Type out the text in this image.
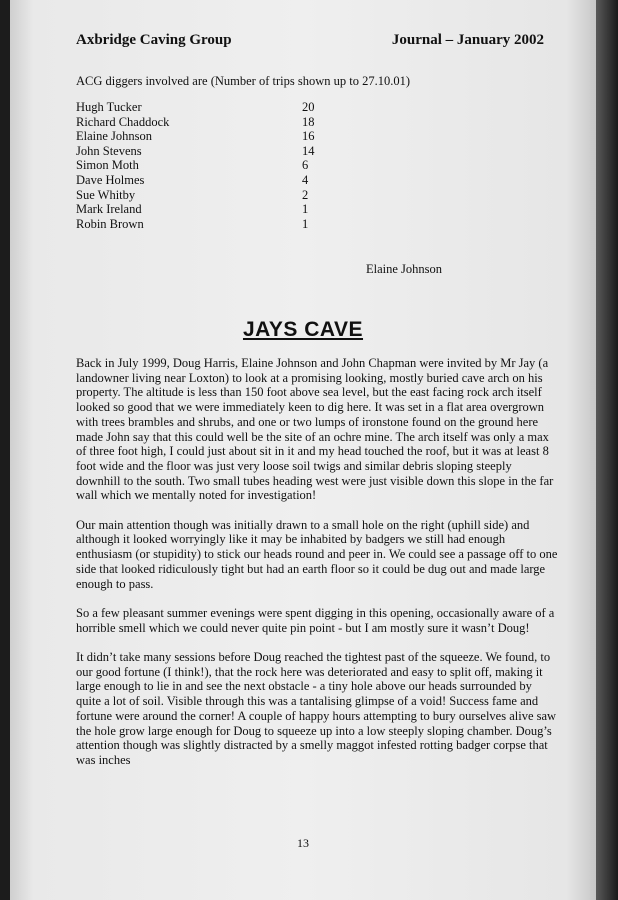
Axbridge Caving Group	Journal – January 2002
ACG diggers involved are (Number of trips shown up to 27.10.01)
Hugh Tucker	20
Richard Chaddock	18
Elaine Johnson	16
John Stevens	14
Simon Moth	6
Dave Holmes	4
Sue Whitby	2
Mark Ireland	1
Robin Brown	1
Elaine Johnson
JAYS CAVE

Back in July 1999, Doug Harris, Elaine Johnson and John Chapman were invited by Mr Jay (a landowner living near Loxton) to look at a promising looking, mostly buried cave arch on his property. The altitude is less than 150 foot above sea level, but the east facing rock arch itself looked so good that we were immediately keen to dig here. It was set in a flat area overgrown with trees brambles and shrubs, and one or two lumps of ironstone found on the ground here made John say that this could well be the site of an ochre mine. The arch itself was only a max of three foot high, I could just about sit in it and my head touched the roof, but it was at least 8 foot wide and the floor was just very loose soil twigs and similar debris sloping steeply downhill to the south. Two small tubes heading west were just visible down this slope in the far wall which we mentally noted for investigation!

Our main attention though was initially drawn to a small hole on the right (uphill side) and although it looked worryingly like it may be inhabited by badgers we still had enough enthusiasm (or stupidity) to stick our heads round and peer in. We could see a passage off to one side that looked ridiculously tight but had an earth floor so it could be dug out and made large enough to pass.

So a few pleasant summer evenings were spent digging in this opening, occasionally aware of a horrible smell which we could never quite pin point - but I am mostly sure it wasn’t Doug!

It didn’t take many sessions before Doug reached the tightest past of the squeeze. We found, to our good fortune (I think!), that the rock here was deteriorated and easy to split off, making it large enough to lie in and see the next obstacle - a tiny hole above our heads surrounded by quite a lot of soil. Visible through this was a tantalising glimpse of a void! Success fame and fortune were around the corner! A couple of happy hours attempting to bury ourselves alive saw the hole grow large enough for Doug to squeeze up into a low steeply sloping chamber. Doug’s attention though was slightly distracted by a smelly maggot infested rotting badger corpse that was inches

13
